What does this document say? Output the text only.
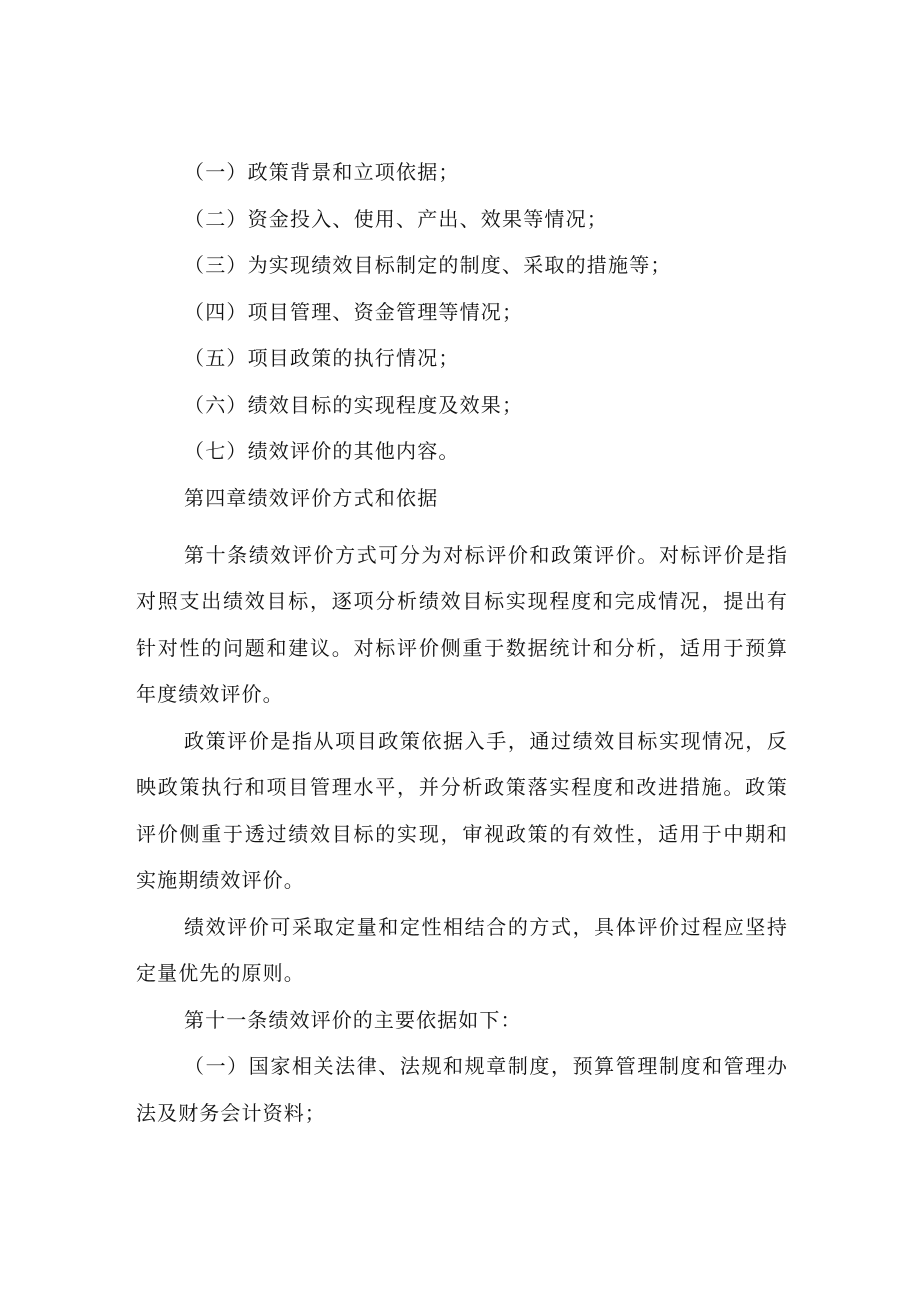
（一）政策背景和立项依据；
（二）资金投入、使用、产出、效果等情况；
（三）为实现绩效目标制定的制度、采取的措施等；
（四）项目管理、资金管理等情况；
（五）项目政策的执行情况；
（六）绩效目标的实现程度及效果；
（七）绩效评价的其他内容。
第四章绩效评价方式和依据

第十条绩效评价方式可分为对标评价和政策评价。对标评价是指对照支出绩效目标，逐项分析绩效目标实现程度和完成情况，提出有针对性的问题和建议。对标评价侧重于数据统计和分析，适用于预算年度绩效评价。

政策评价是指从项目政策依据入手，通过绩效目标实现情况，反映政策执行和项目管理水平，并分析政策落实程度和改进措施。政策评价侧重于透过绩效目标的实现，审视政策的有效性，适用于中期和实施期绩效评价。

绩效评价可采取定量和定性相结合的方式，具体评价过程应坚持定量优先的原则。

第十一条绩效评价的主要依据如下：

（一）国家相关法律、法规和规章制度，预算管理制度和管理办法及财务会计资料；
